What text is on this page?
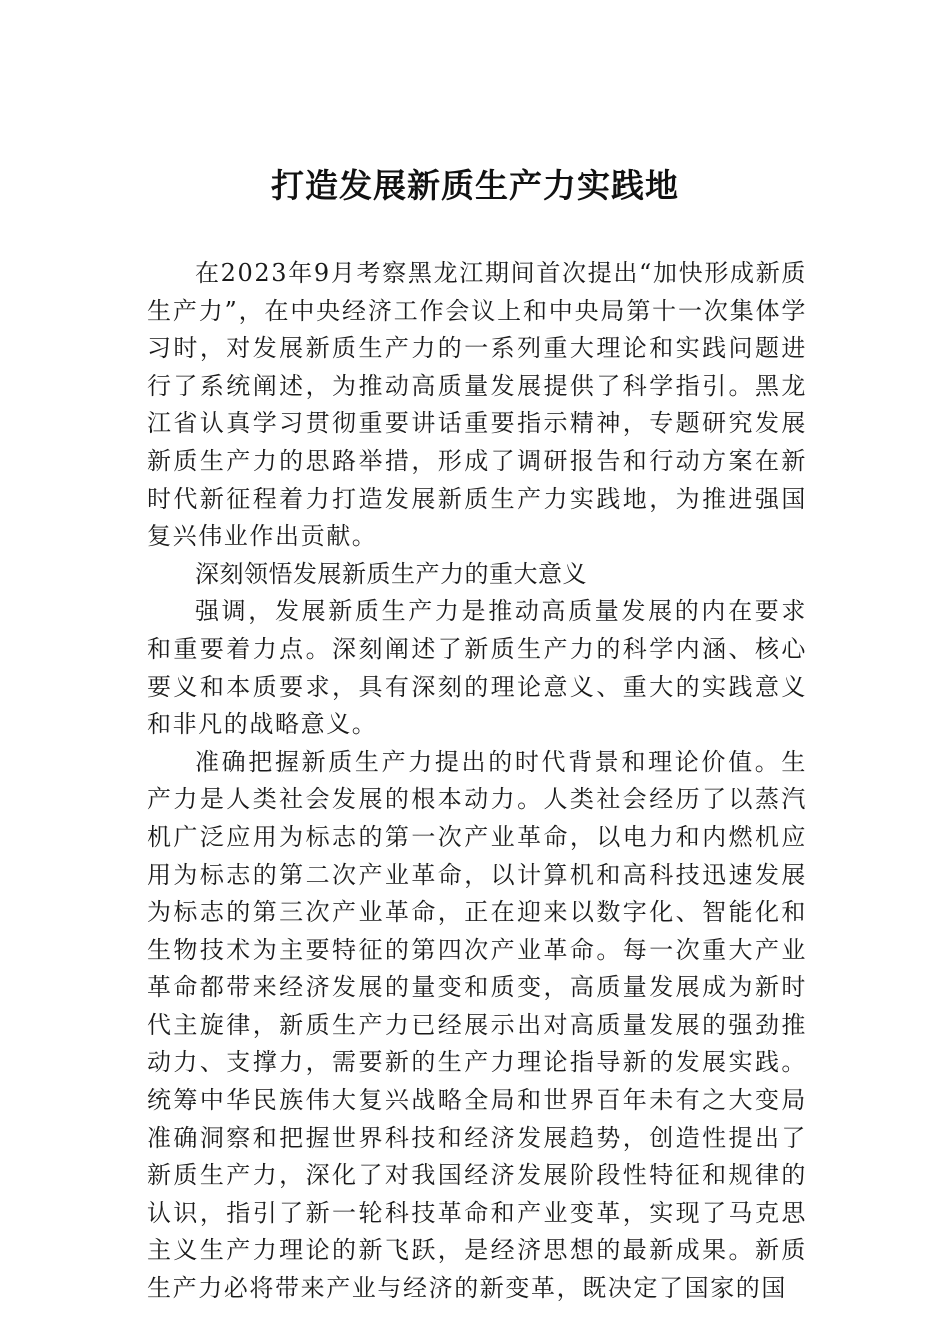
打造发展新质生产力实践地

在2023年9月考察黑龙江期间首次提出“加快形成新质生产力”，在中央经济工作会议上和中央局第十一次集体学习时，对发展新质生产力的一系列重大理论和实践问题进行了系统阐述，为推动高质量发展提供了科学指引。黑龙江省认真学习贯彻重要讲话重要指示精神，专题研究发展新质生产力的思路举措，形成了调研报告和行动方案在新时代新征程着力打造发展新质生产力实践地，为推进强国复兴伟业作出贡献。

深刻领悟发展新质生产力的重大意义

强调，发展新质生产力是推动高质量发展的内在要求和重要着力点。深刻阐述了新质生产力的科学内涵、核心要义和本质要求，具有深刻的理论意义、重大的实践意义和非凡的战略意义。

准确把握新质生产力提出的时代背景和理论价值。生产力是人类社会发展的根本动力。人类社会经历了以蒸汽机广泛应用为标志的第一次产业革命，以电力和内燃机应用为标志的第二次产业革命，以计算机和高科技迅速发展为标志的第三次产业革命，正在迎来以数字化、智能化和生物技术为主要特征的第四次产业革命。每一次重大产业革命都带来经济发展的量变和质变，高质量发展成为新时代主旋律，新质生产力已经展示出对高质量发展的强劲推动力、支撑力，需要新的生产力理论指导新的发展实践。统筹中华民族伟大复兴战略全局和世界百年未有之大变局准确洞察和把握世界科技和经济发展趋势，创造性提出了新质生产力，深化了对我国经济发展阶段性特征和规律的认识，指引了新一轮科技革命和产业变革，实现了马克思主义生产力理论的新飞跃，是经济思想的最新成果。新质生产力必将带来产业与经济的新变革，既决定了国家的国
